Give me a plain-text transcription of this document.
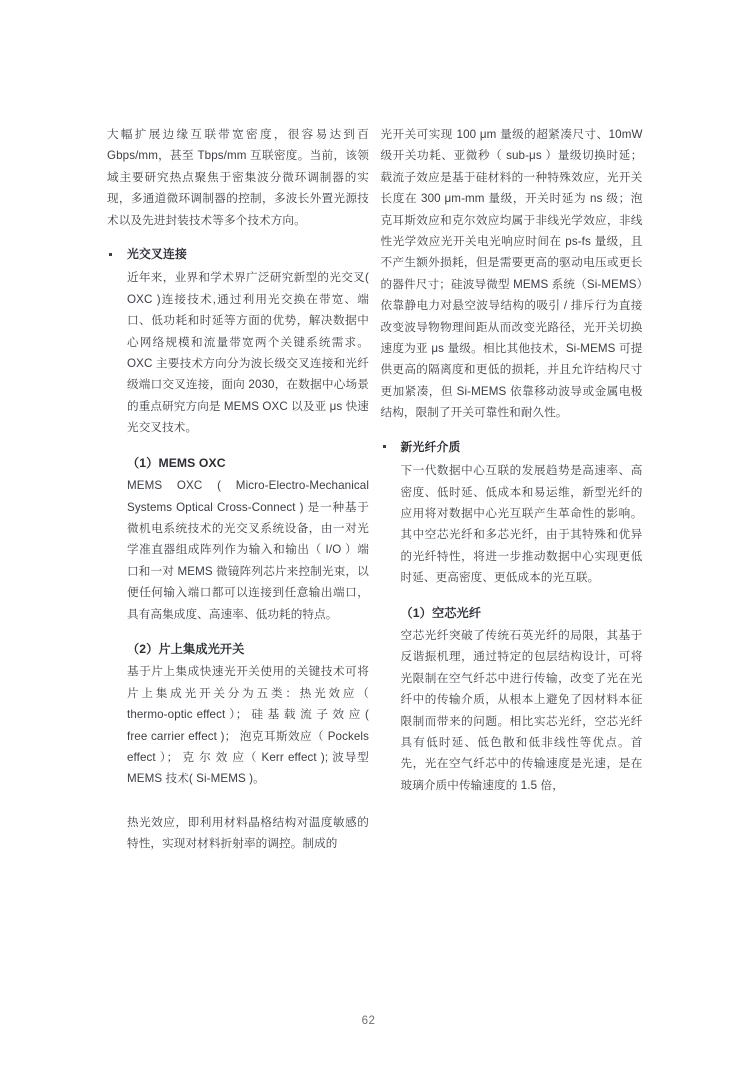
大幅扩展边缘互联带宽密度，很容易达到百 Gbps/mm，甚至 Tbps/mm 互联密度。当前，该领域主要研究热点聚焦于密集波分微环调制器的实现，多通道微环调制器的控制，多波长外置光源技术以及先进封装技术等多个技术方向。

光交叉连接

近年来，业界和学术界广泛研究新型的光交叉( OXC )连接技术,通过利用光交换在带宽、端口、低功耗和时延等方面的优势，解决数据中心网络规模和流量带宽两个关键系统需求。OXC 主要技术方向分为波长级交叉连接和光纤级端口交叉连接，面向 2030，在数据中心场景的重点研究方向是 MEMS OXC 以及亚 μs 快速光交叉技术。

（1）MEMS OXC

MEMS OXC ( Micro-Electro-Mechanical Systems Optical Cross-Connect ) 是一种基于微机电系统技术的光交叉系统设备，由一对光学准直器组成阵列作为输入和输出（ I/O ）端口和一对 MEMS 微镜阵列芯片来控制光束，以便任何输入端口都可以连接到任意输出端口，具有高集成度、高速率、低功耗的特点。

（2）片上集成光开关

基于片上集成快速光开关使用的关键技术可将片上集成光开关分为五类：热光效应（ thermo-optic effect ）； 硅 基 载 流 子 效 应 ( free carrier effect )； 泡克耳斯效应（ Pockels effect ）； 克 尔 效 应（ Kerr effect ); 波导型 MEMS 技术( Si-MEMS )。

热光效应，即利用材料晶格结构对温度敏感的特性，实现对材料折射率的调控。制成的

光开关可实现 100 μm 量级的超紧凑尺寸、10mW 级开关功耗、亚微秒（ sub-μs ）量级切换时延；载流子效应是基于硅材料的一种特殊效应，光开关长度在 300 μm-mm 量级，开关时延为 ns 级；泡克耳斯效应和克尔效应均属于非线光学效应，非线性光学效应光开关电光响应时间在 ps-fs 量级，且不产生额外损耗，但是需要更高的驱动电压或更长的器件尺寸；硅波导微型 MEMS 系统（Si-MEMS）依靠静电力对悬空波导结构的吸引 / 排斥行为直接改变波导物物理间距从而改变光路径，光开关切换速度为亚 μs 量级。相比其他技术，Si-MEMS 可提供更高的隔离度和更低的损耗，并且允许结构尺寸更加紧凑，但 Si-MEMS 依靠移动波导或金属电极结构，限制了开关可靠性和耐久性。

新光纤介质

下一代数据中心互联的发展趋势是高速率、高密度、低时延、低成本和易运维，新型光纤的应用将对数据中心光互联产生革命性的影响。其中空芯光纤和多芯光纤，由于其特殊和优异的光纤特性，将进一步推动数据中心实现更低时延、更高密度、更低成本的光互联。

（1）空芯光纤

空芯光纤突破了传统石英光纤的局限，其基于反谐振机理，通过特定的包层结构设计，可将光限制在空气纤芯中进行传输，改变了光在光纤中的传输介质，从根本上避免了因材料本征限制而带来的问题。相比实芯光纤，空芯光纤具有低时延、低色散和低非线性等优点。首先，光在空气纤芯中的传输速度是光速，是在玻璃介质中传输速度的 1.5 倍，

62
